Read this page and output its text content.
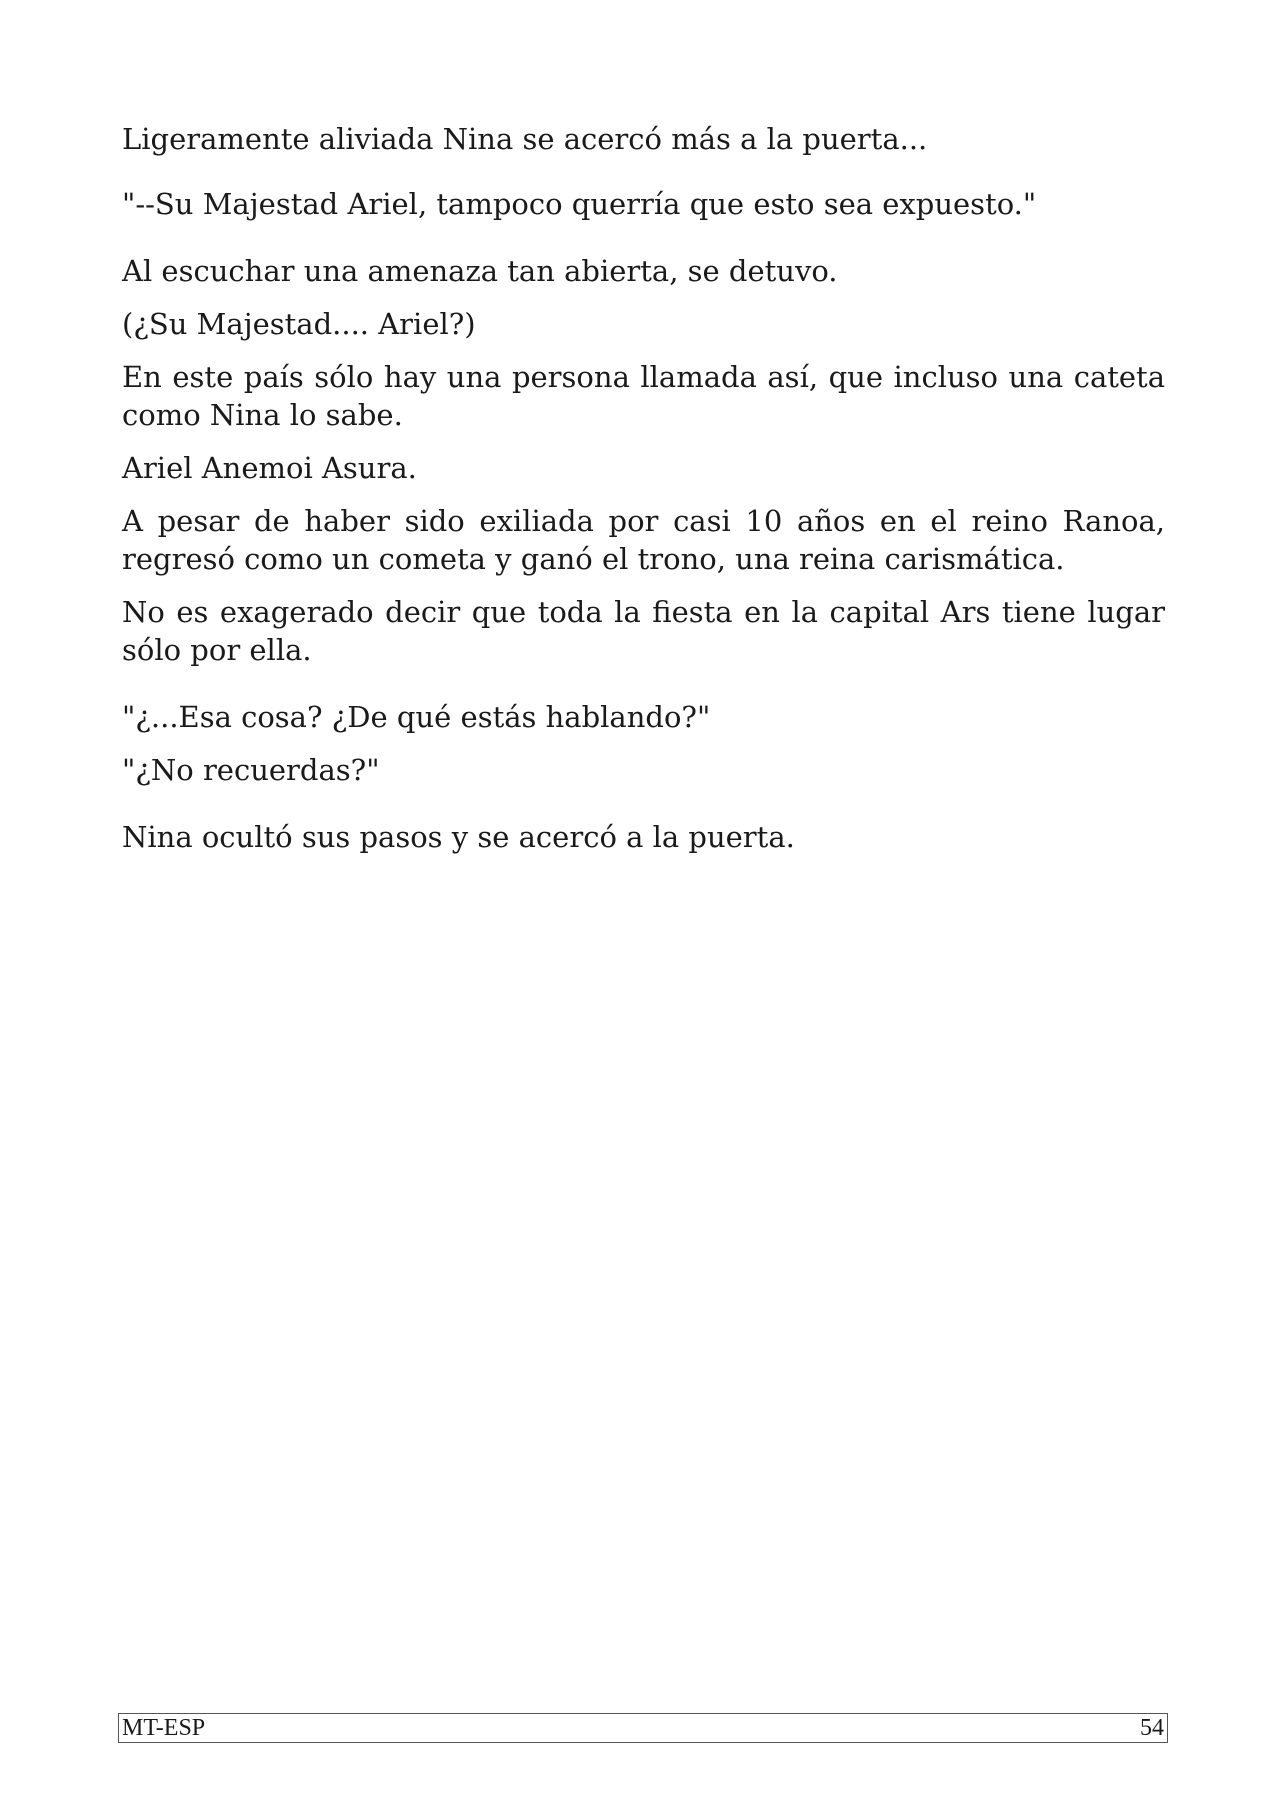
Ligeramente aliviada Nina se acercó más a la puerta...

"--Su Majestad Ariel, tampoco querría que esto sea expuesto."

Al escuchar una amenaza tan abierta, se detuvo.

(¿Su Majestad.... Ariel?)

En este país sólo hay una persona llamada así, que incluso una cateta como Nina lo sabe.

Ariel Anemoi Asura.

A pesar de haber sido exiliada por casi 10 años en el reino Ranoa, regresó como un cometa y ganó el trono, una reina carismática.

No es exagerado decir que toda la fiesta en la capital Ars tiene lugar sólo por ella.

"¿...Esa cosa? ¿De qué estás hablando?"

"¿No recuerdas?"

Nina ocultó sus pasos y se acercó a la puerta.

MT-ESP	54
